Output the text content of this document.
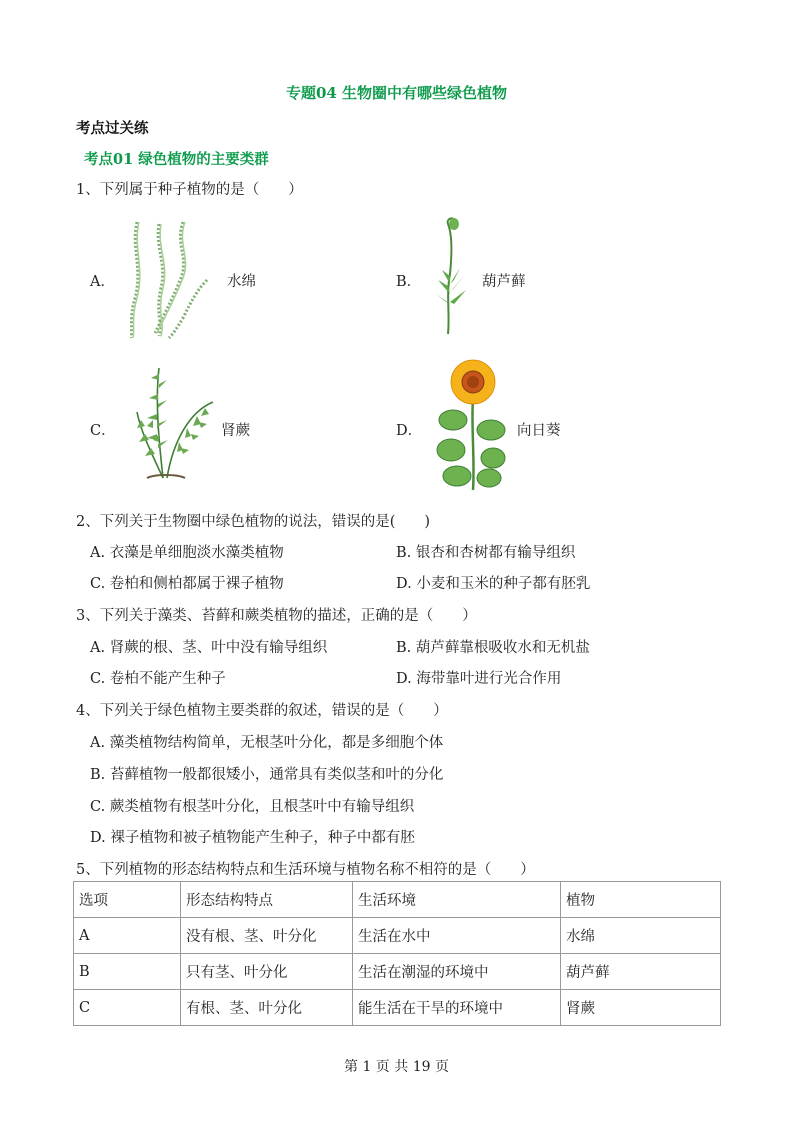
专题04 生物圈中有哪些绿色植物
考点过关练
考点01 绿色植物的主要类群
1、下列属于种子植物的是（　　）
A．	水绵	B．	葫芦藓
C．	肾蕨	D．	向日葵
2、下列关于生物圈中绿色植物的说法，错误的是(　　)
A. 衣藻是单细胞淡水藻类植物	B. 银杏和杏树都有输导组织
C. 卷柏和侧柏都属于裸子植物	D. 小麦和玉米的种子都有胚乳
3、下列关于藻类、苔藓和蕨类植物的描述，正确的是（　　）
A. 肾蕨的根、茎、叶中没有输导组织	B. 葫芦藓靠根吸收水和无机盐
C. 卷柏不能产生种子	D. 海带靠叶进行光合作用
4、下列关于绿色植物主要类群的叙述，错误的是（　　）
A. 藻类植物结构简单，无根茎叶分化，都是多细胞个体
B. 苔藓植物一般都很矮小，通常具有类似茎和叶的分化
C. 蕨类植物有根茎叶分化，且根茎叶中有输导组织
D. 裸子植物和被子植物能产生种子，种子中都有胚
5、下列植物的形态结构特点和生活环境与植物名称不相符的是（　　）
选项	形态结构特点	生活环境	植物
A	没有根、茎、叶分化	生活在水中	水绵
B	只有茎、叶分化	生活在潮湿的环境中	葫芦藓
C	有根、茎、叶分化	能生活在干旱的环境中	肾蕨
第 1 页 共 19 页
